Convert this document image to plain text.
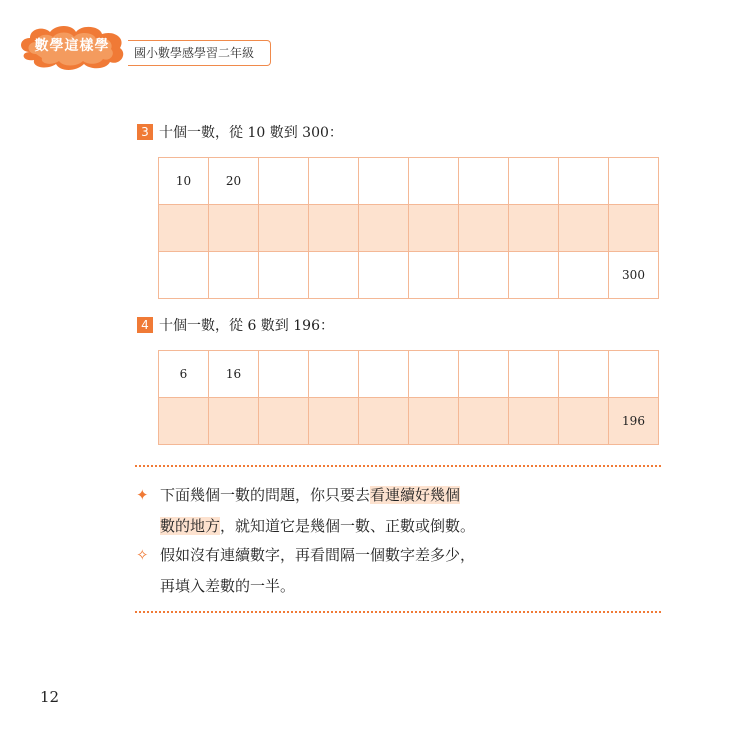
數學這樣學	國小數學感學習二年級
3 十個一數，從 10 數到 300：
10	20								

									300
4 十個一數，從 6 數到 196：
6	16								
									196
✦ 下面幾個一數的問題，你只要去看連續好幾個
數的地方，就知道它是幾個一數、正數或倒數。
✧ 假如沒有連續數字，再看間隔一個數字差多少，
再填入差數的一半。
12
